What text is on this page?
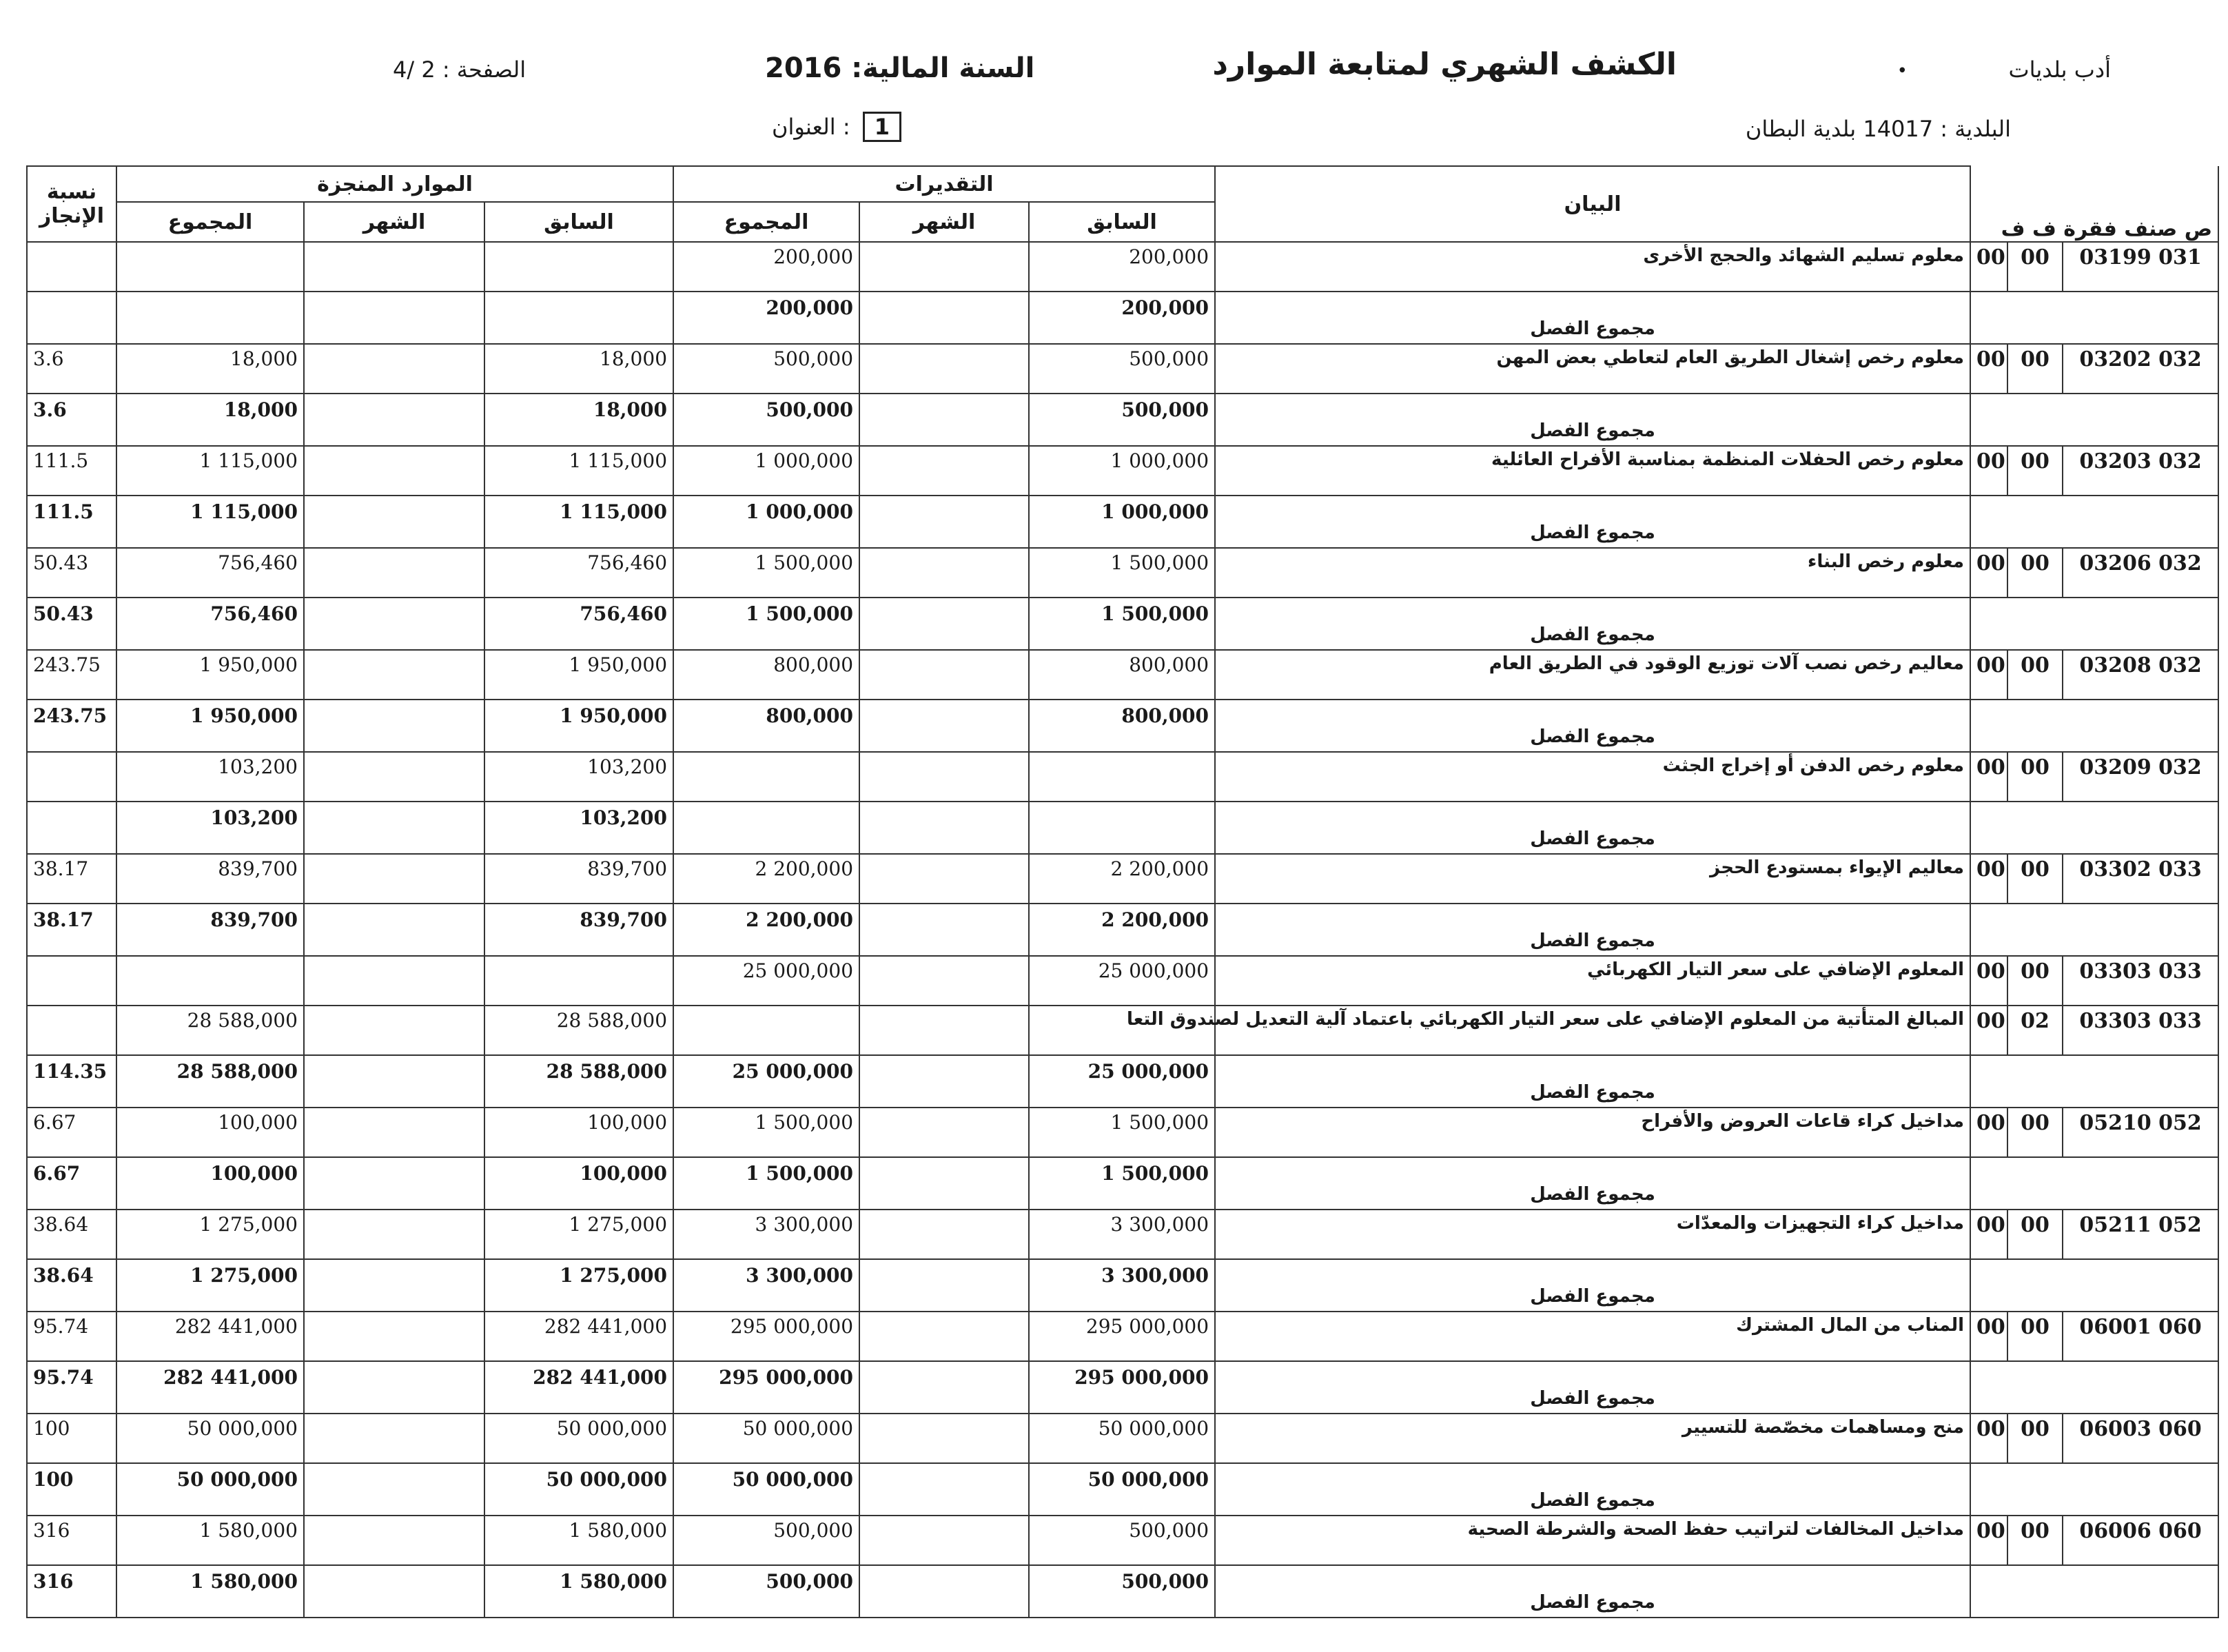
أدب بلديات
•
الكشف الشهري لمتابعة الموارد
السنة المالية: 2016
الصفحة : 2 /4
العنوان : 1	البلدية : 14017 بلدية البطان
نسبة الإنجاز	الموارد المنجزة			التقديرات			البيان	ص صنف فقرة ف ف		
	المجموع	الشهر	السابق	المجموع	الشهر	السابق				
				200,000		200,000	معلوم تسليم الشهائد والحجج الأخرى	00	00	03199 031
				200,000		200,000	مجموع الفصل			
3.6	18,000		18,000	500,000		500,000	معلوم رخص إشغال الطريق العام لتعاطي بعض المهن	00	00	03202 032
3.6	18,000		18,000	500,000		500,000	مجموع الفصل			
111.5	1 115,000		1 115,000	1 000,000		1 000,000	معلوم رخص الحفلات المنظمة بمناسبة الأفراح العائلية	00	00	03203 032
111.5	1 115,000		1 115,000	1 000,000		1 000,000	مجموع الفصل			
50.43	756,460		756,460	1 500,000		1 500,000	معلوم رخص البناء	00	00	03206 032
50.43	756,460		756,460	1 500,000		1 500,000	مجموع الفصل			
243.75	1 950,000		1 950,000	800,000		800,000	معاليم رخص نصب آلات توزيع الوقود في الطريق العام	00	00	03208 032
243.75	1 950,000		1 950,000	800,000		800,000	مجموع الفصل			
	103,200		103,200				معلوم رخص الدفن أو إخراج الجثث	00	00	03209 032
	103,200		103,200				مجموع الفصل			
38.17	839,700		839,700	2 200,000		2 200,000	معاليم الإيواء بمستودع الحجز	00	00	03302 033
38.17	839,700		839,700	2 200,000		2 200,000	مجموع الفصل			
				25 000,000		25 000,000	المعلوم الإضافي على سعر التيار الكهربائي	00	00	03303 033
	28 588,000		28 588,000				المبالغ المتأتية من المعلوم الإضافي على سعر التيار الكهربائي باعتماد آلية التعديل لصندوق التعا	00	02	03303 033
114.35	28 588,000		28 588,000	25 000,000		25 000,000	مجموع الفصل			
6.67	100,000		100,000	1 500,000		1 500,000	مداخيل كراء قاعات العروض والأفراح	00	00	05210 052
6.67	100,000		100,000	1 500,000		1 500,000	مجموع الفصل			
38.64	1 275,000		1 275,000	3 300,000		3 300,000	مداخيل كراء التجهيزات والمعدّات	00	00	05211 052
38.64	1 275,000		1 275,000	3 300,000		3 300,000	مجموع الفصل			
95.74	282 441,000		282 441,000	295 000,000		295 000,000	المناب من المال المشترك	00	00	06001 060
95.74	282 441,000		282 441,000	295 000,000		295 000,000	مجموع الفصل			
100	50 000,000		50 000,000	50 000,000		50 000,000	منح ومساهمات مخصّصة للتسيير	00	00	06003 060
100	50 000,000		50 000,000	50 000,000		50 000,000	مجموع الفصل			
316	1 580,000		1 580,000	500,000		500,000	مداخيل المخالفات لتراتيب حفظ الصحة والشرطة الصحية	00	00	06006 060
316	1 580,000		1 580,000	500,000		500,000	مجموع الفصل			
